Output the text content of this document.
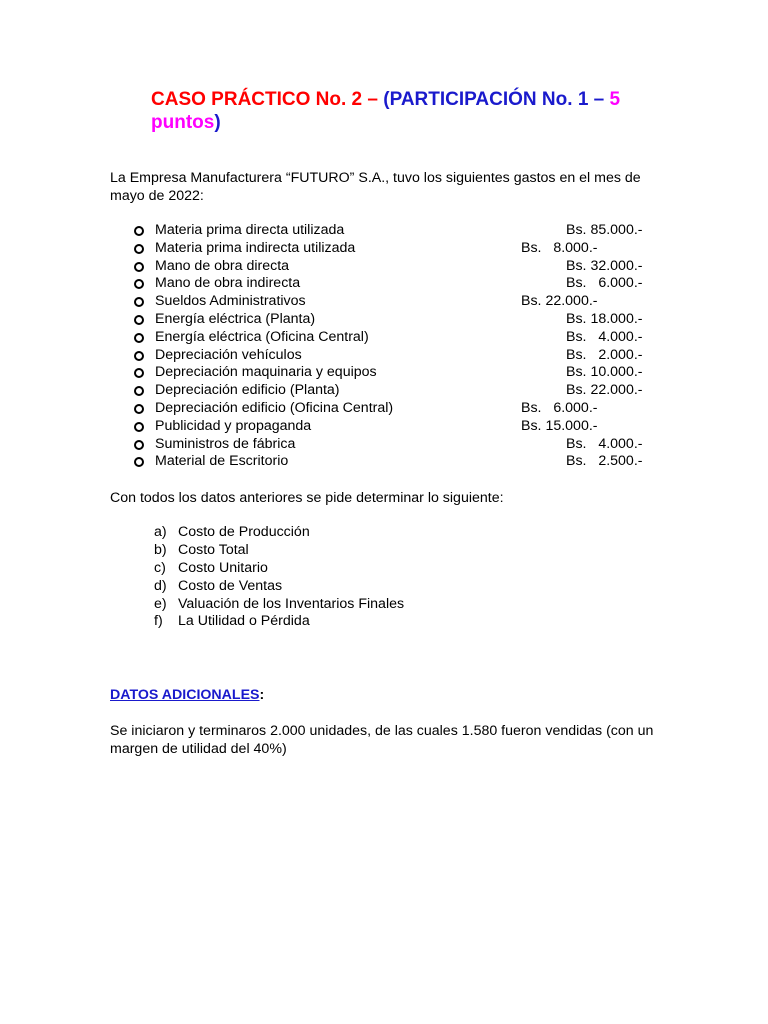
CASO PRÁCTICO No. 2 – (PARTICIPACIÓN No. 1 – 5 puntos)
La Empresa Manufacturera “FUTURO” S.A., tuvo los siguientes gastos en el mes de mayo de 2022:
Materia prima directa utilizada	Bs. 85.000.-
Materia prima indirecta utilizada	Bs.   8.000.-
Mano de obra directa	Bs. 32.000.-
Mano de obra indirecta	Bs.   6.000.-
Sueldos Administrativos	Bs. 22.000.-
Energía eléctrica (Planta)	Bs. 18.000.-
Energía eléctrica (Oficina Central)	Bs.   4.000.-
Depreciación vehículos	Bs.   2.000.-
Depreciación maquinaria y equipos	Bs. 10.000.-
Depreciación edificio (Planta)	Bs. 22.000.-
Depreciación edificio (Oficina Central)	Bs.   6.000.-
Publicidad y propaganda	Bs. 15.000.-
Suministros de fábrica	Bs.   4.000.-
Material de Escritorio	Bs.   2.500.-
Con todos los datos anteriores se pide determinar lo siguiente:
a) Costo de Producción
b) Costo Total
c) Costo Unitario
d) Costo de Ventas
e) Valuación de los Inventarios Finales
f) La Utilidad o Pérdida
DATOS ADICIONALES:
Se iniciaron y terminaros 2.000 unidades, de las cuales 1.580 fueron vendidas (con un margen de utilidad del 40%)
